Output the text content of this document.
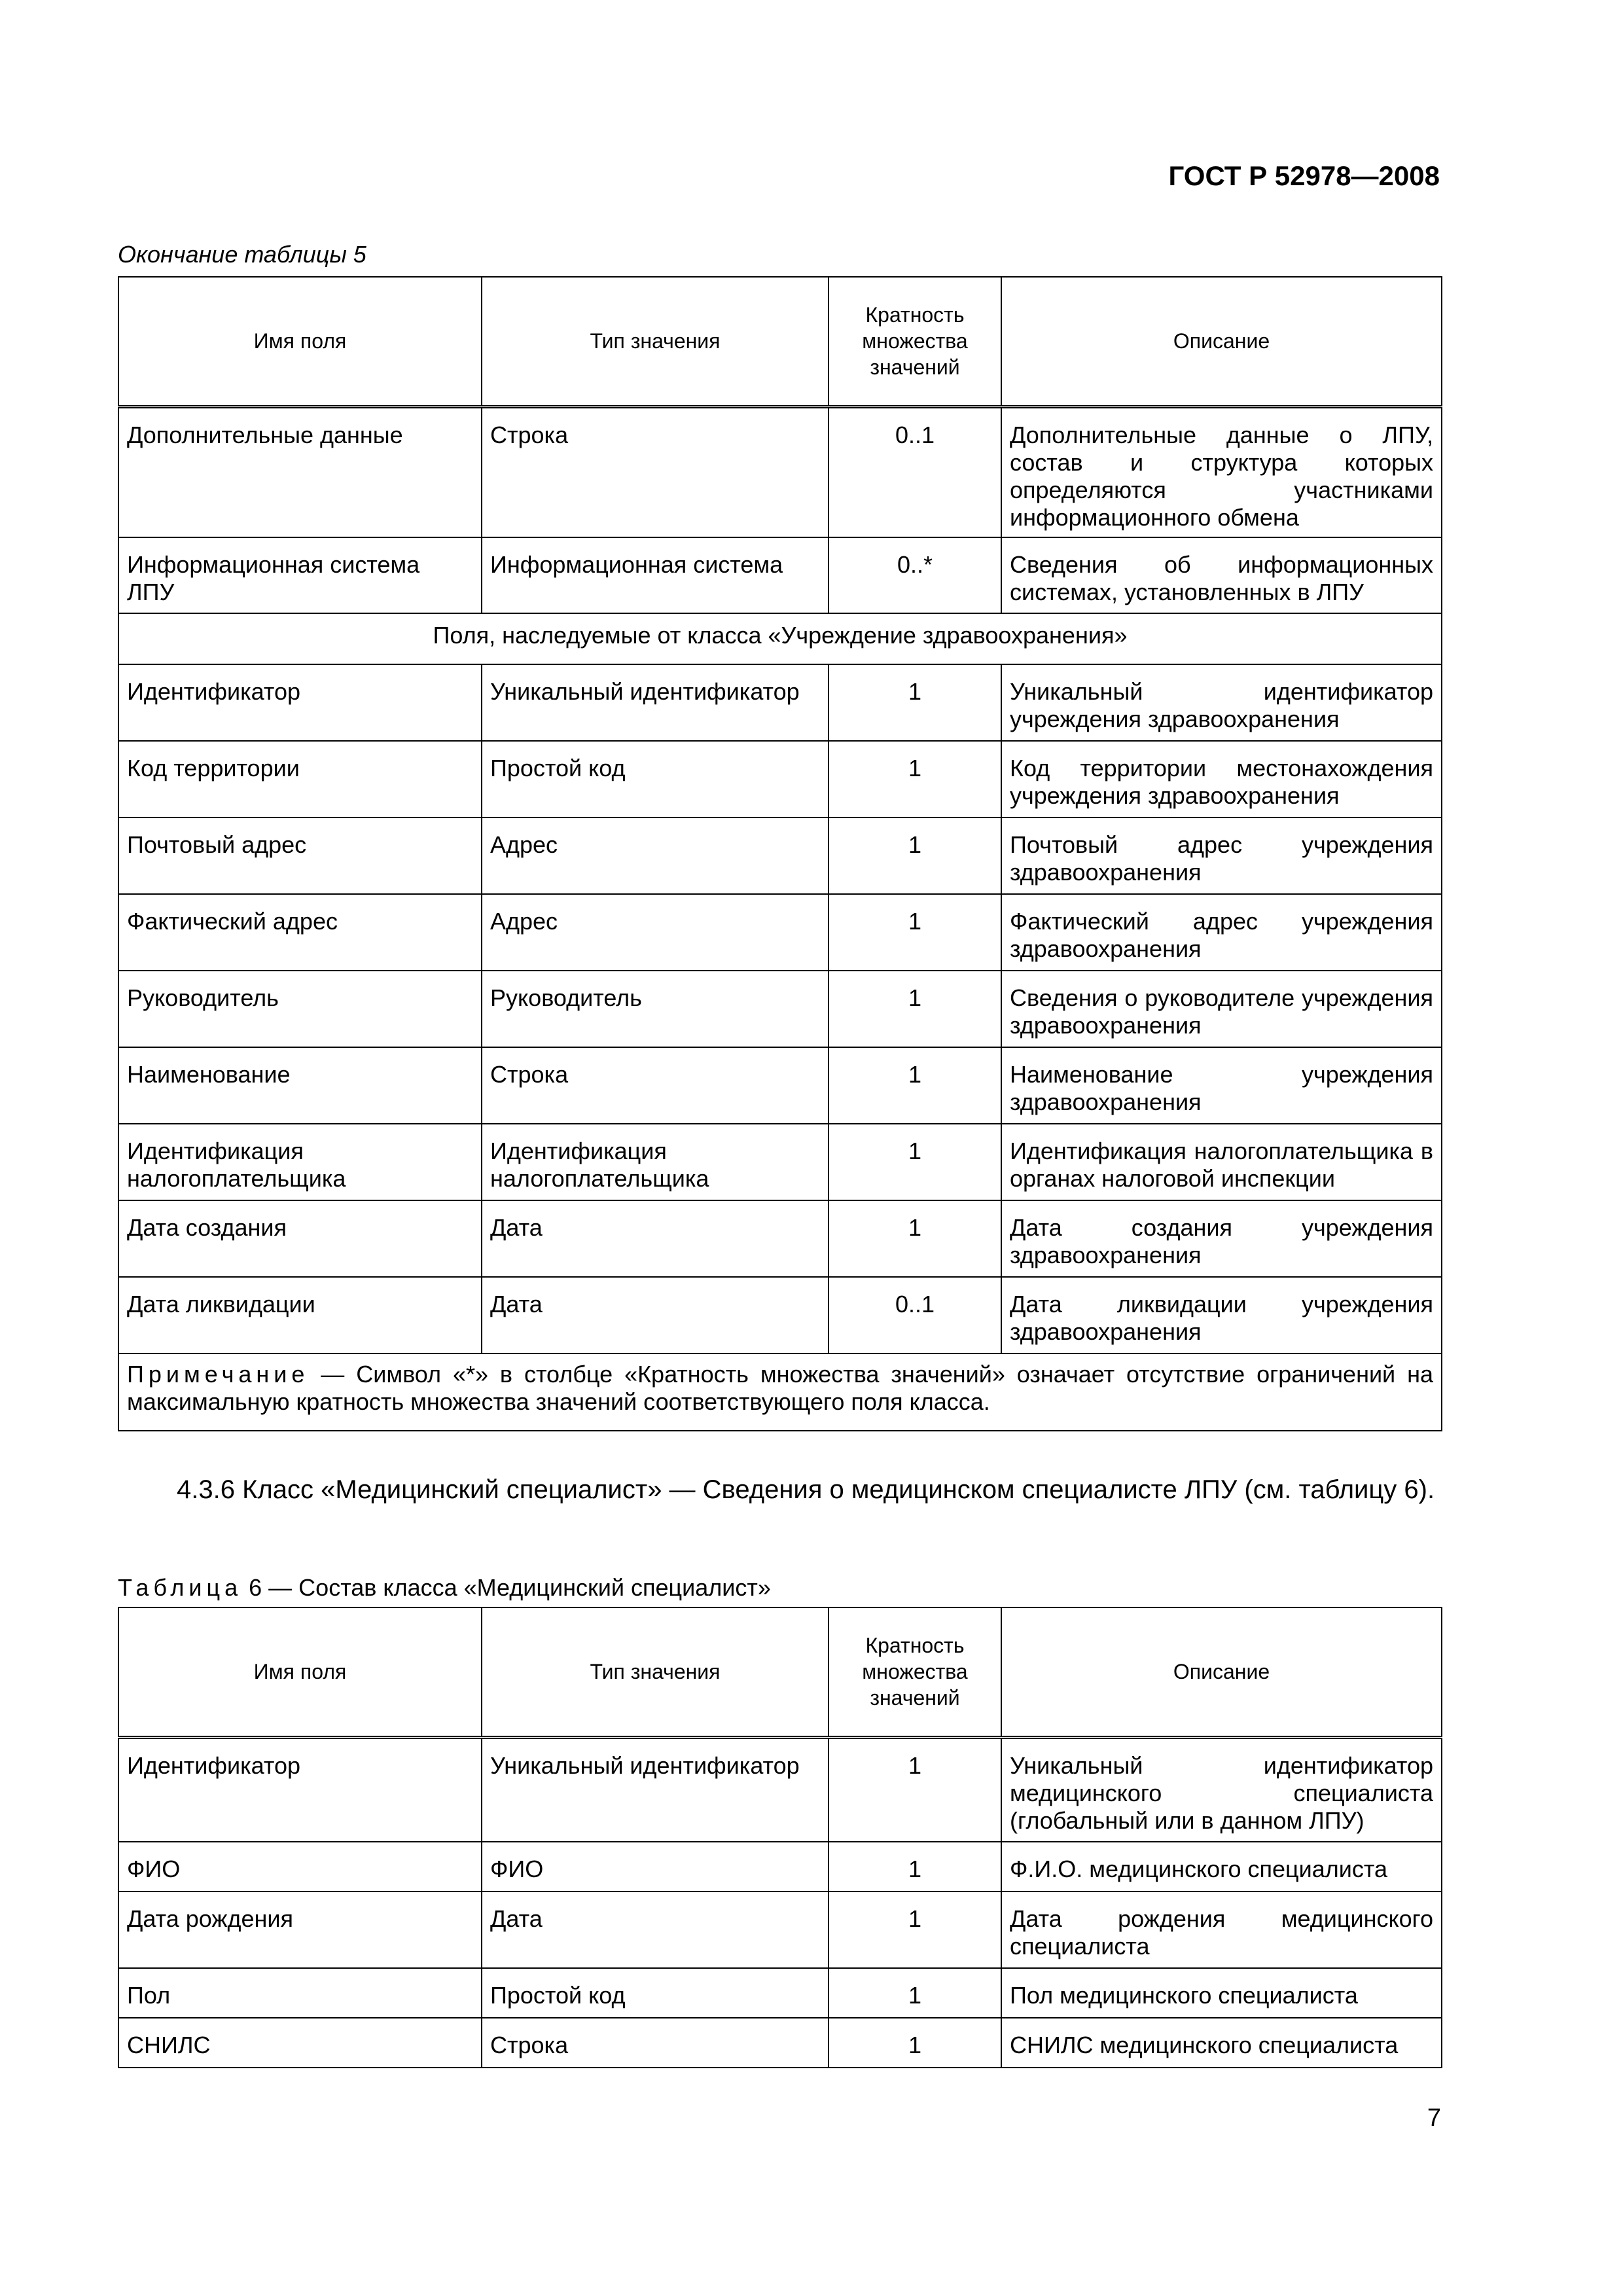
ГОСТ Р 52978—2008
Окончание таблицы 5
Имя поля	Тип значения	Кратность множества значений	Описание
Дополнительные данные	Строка	0..1	Дополнительные данные о ЛПУ, состав и структура которых определяются участниками информационного обмена
Информационная система ЛПУ	Информационная система	0..*	Сведения об информационных системах, установленных в ЛПУ
Поля, наследуемые от класса «Учреждение здравоохранения»			
Идентификатор	Уникальный идентификатор	1	Уникальный идентификатор учреждения здравоохранения
Код территории	Простой код	1	Код территории местонахождения учреждения здравоохранения
Почтовый адрес	Адрес	1	Почтовый адрес учреждения здравоохранения
Фактический адрес	Адрес	1	Фактический адрес учреждения здравоохранения
Руководитель	Руководитель	1	Сведения о руководителе учреждения здравоохранения
Наименование	Строка	1	Наименование учреждения здравоохранения
Идентификация налогоплательщика	Идентификация налогоплательщика	1	Идентификация налогоплательщика в органах налоговой инспекции
Дата создания	Дата	1	Дата создания учреждения здравоохранения
Дата ликвидации	Дата	0..1	Дата ликвидации учреждения здравоохранения
Примечание — Символ «*» в столбце «Кратность множества значений» означает отсутствие ограничений на максимальную кратность множества значений соответствующего поля класса.			
4.3.6 Класс «Медицинский специалист» — Сведения о медицинском специалисте ЛПУ (см. таблицу 6).
Таблица 6 — Состав класса «Медицинский специалист»
Имя поля	Тип значения	Кратность множества значений	Описание
Идентификатор	Уникальный идентификатор	1	Уникальный идентификатор медицинского специалиста (глобальный или в данном ЛПУ)
ФИО	ФИО	1	Ф.И.О. медицинского специалиста
Дата рождения	Дата	1	Дата рождения медицинского специалиста
Пол	Простой код	1	Пол медицинского специалиста
СНИЛС	Строка	1	СНИЛС медицинского специалиста
7
